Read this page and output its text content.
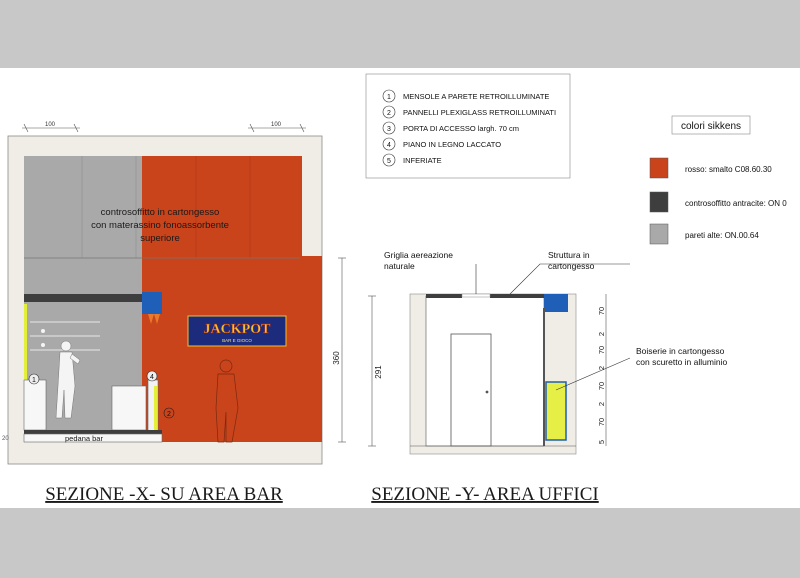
100	100
controsoffitto in cartongesso
con materassino fonoassorbente
superiore
pedana bar
1	4
2
JACKPOT
BAR E GIOCO
20
360
Griglia aereazione
naturale
Struttura in
cartongesso
Boiserie in cartongesso
con scuretto in alluminio
291
70
2
70
2
70
2
70
5
1 MENSOLE A PARETE RETROILLUMINATE
2 PANNELLI PLEXIGLASS RETROILLUMINATI
3 PORTA DI ACCESSO largh. 70 cm
4 PIANO IN LEGNO LACCATO
5 INFERIATE
colori sikkens
rosso: smalto C08.60.30
controsoffitto antracite: ON 0
pareti alte: ON.00.64
SEZIONE -X- SU AREA BAR	SEZIONE -Y- AREA UFFICI
